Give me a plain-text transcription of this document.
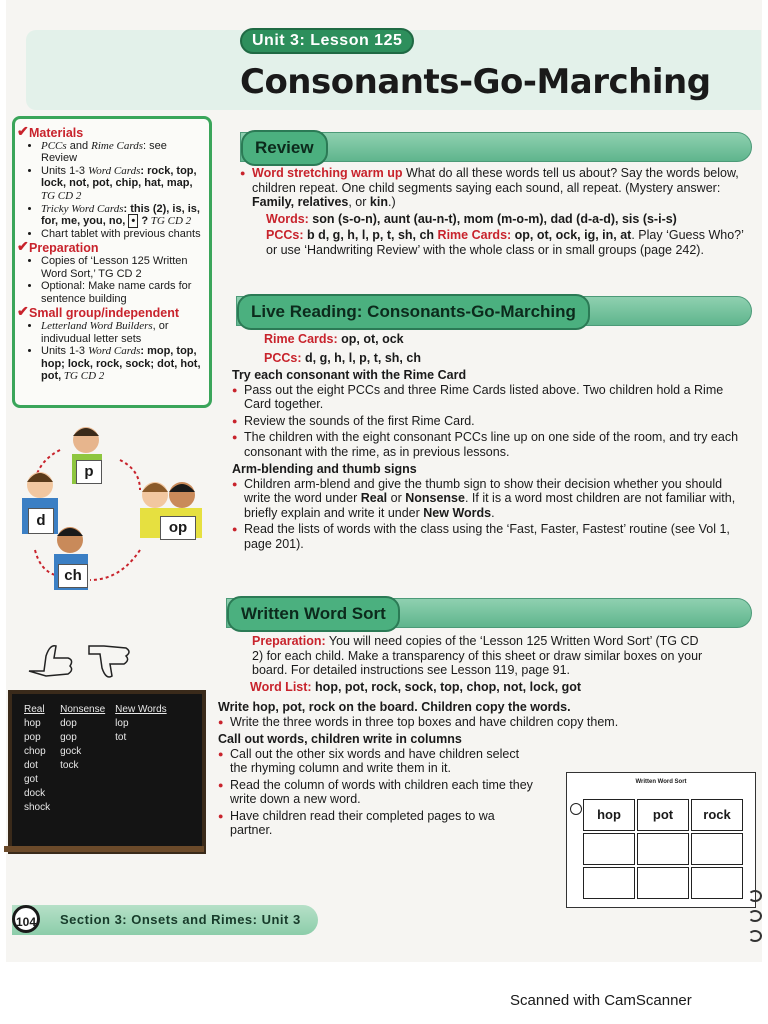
Unit 3: Lesson 125
Consonants-Go-Marching
✔ Materials
• PCCs and Rime Cards: see Review
• Units 1-3 Word Cards: rock, top, lock, not, pot, chip, hat, map, TG CD 2
• Tricky Word Cards: this (2), is, is, for, me, you, no, • ? TG CD 2
• Chart tablet with previous chants
✔ Preparation
• Copies of ‘Lesson 125 Written Word Sort,’ TG CD 2
• Optional: Make name cards for sentence building
✔ Small group/independent
• Letterland Word Builders, or indivudual letter sets
• Units 1-3 Word Cards: mop, top, hop; lock, rock, sock; dot, hot, pot, TG CD 2
p
d	op
ch
Review
● Word stretching warm up What do all these words tell us about? Say the words below, children repeat. One child segments saying each sound, all repeat. (Mystery answer: Family, relatives, or kin.)
Words: son (s-o-n), aunt (au-n-t), mom (m-o-m), dad (d-a-d), sis (s-i-s)
PCCs: b d, g, h, l, p, t, sh, ch Rime Cards: op, ot, ock, ig, in, at. Play ‘Guess Who?’ or use ‘Handwriting Review’ with the whole class or in small groups (page 242).
Live Reading: Consonants-Go-Marching
Rime Cards: op, ot, ock
PCCs: d, g, h, l, p, t, sh, ch
Try each consonant with the Rime Card
● Pass out the eight PCCs and three Rime Cards listed above. Two children hold a Rime Card together.
● Review the sounds of the first Rime Card.
● The children with the eight consonant PCCs line up on one side of the room, and try each consonant with the rime, as in previous lessons.
Arm-blending and thumb signs
● Children arm-blend and give the thumb sign to show their decision whether you should write the word under Real or Nonsense. If it is a word most children are not familiar with, briefly explain and write it under New Words.
● Read the lists of words with the class using the ‘Fast, Faster, Fastest’ routine (see Vol 1, page 201).
Written Word Sort
Preparation: You will need copies of the ‘Lesson 125 Written Word Sort’ (TG CD 2) for each child. Make a transparency of this sheet or draw similar boxes on your board. For detailed instructions see Lesson 119, page 91.
Word List: hop, pot, rock, sock, top, chop, not, lock, got
Write hop, pot, rock on the board. Children copy the words.
● Write the three words in three top boxes and have children copy them.
Call out words, children write in columns
● Call out the other six words and have children select the rhyming column and write them in it.
● Read the column of words with children each time they write down a new word.
● Have children read their completed pages to wa partner.
Real	Nonsense	New Words
hop	dop	lop
pop	gop	tot
chop	gock	
dot	tock	
got		
dock		
shock		
Written Word Sort
hop	pot	rock
104	Section 3: Onsets and Rimes: Unit 3
Scanned with CamScanner
